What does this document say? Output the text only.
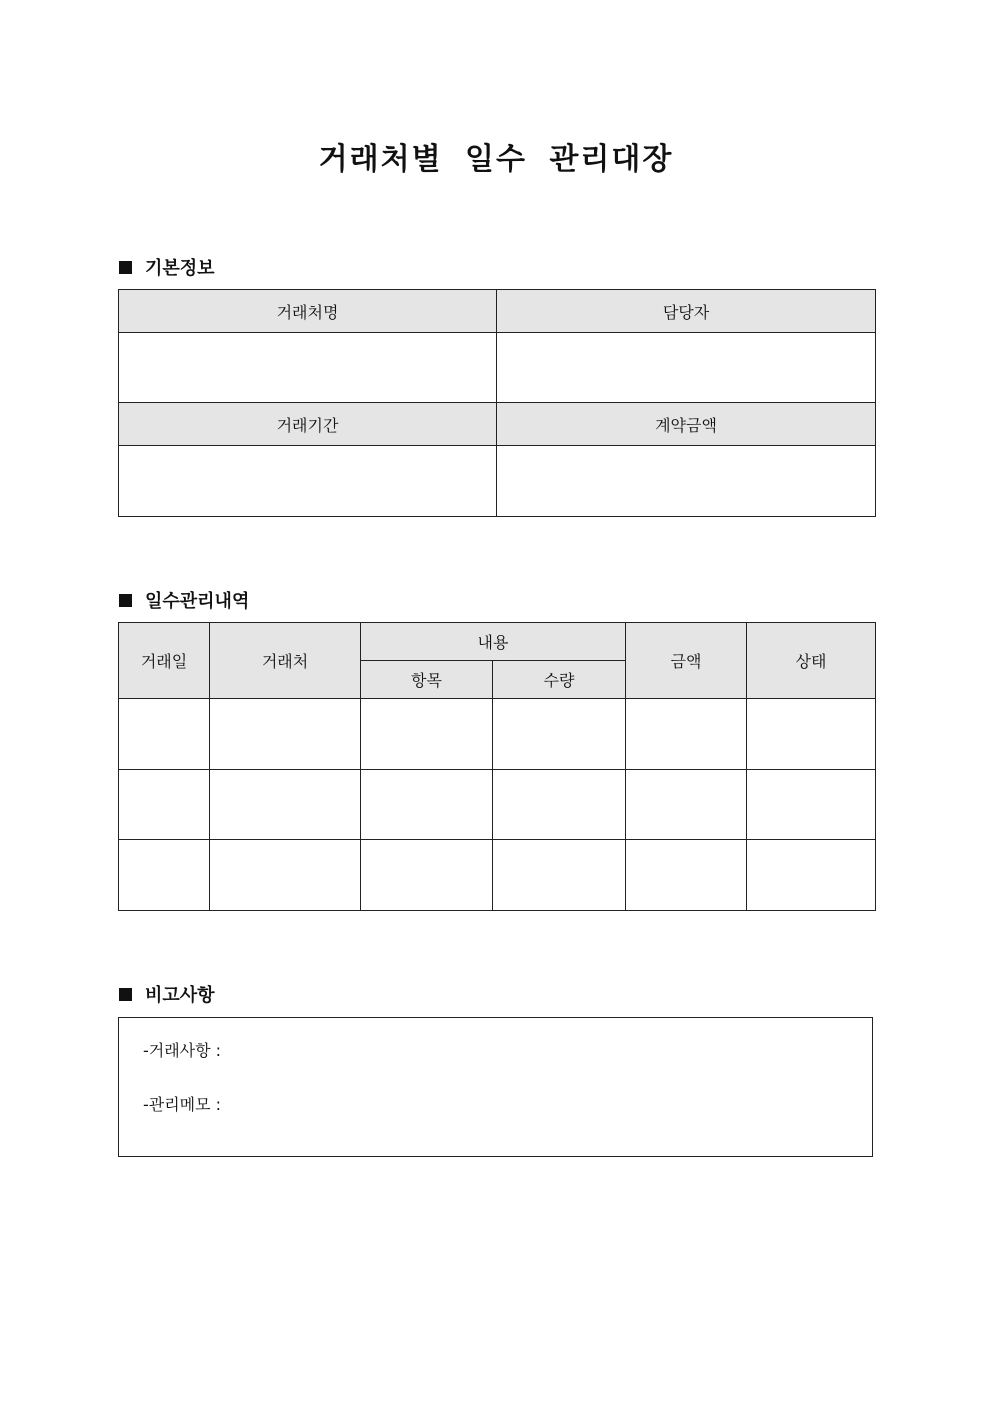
거래처별 일수 관리대장
기본정보
거래처명	담당자

거래기간	계약금액

일수관리내역
거래일	거래처	내용		금액	상태
		항목	수량		

비고사항
-거래사항 :
-관리메모 :
